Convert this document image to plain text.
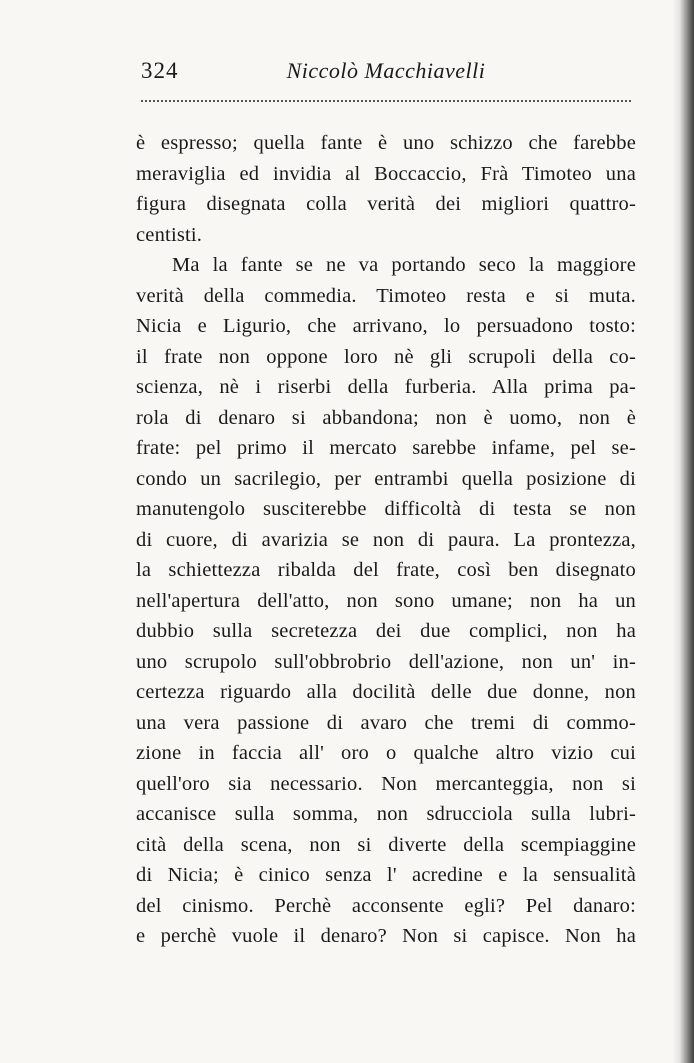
324	Niccolò Macchiavelli
è espresso; quella fante è uno schizzo che farebbe
meraviglia ed invidia al Boccaccio, Frà Timoteo una
figura disegnata colla verità dei migliori quattro-
centisti.
Ma la fante se ne va portando seco la maggiore
verità della commedia. Timoteo resta e si muta.
Nicia e Ligurio, che arrivano, lo persuadono tosto:
il frate non oppone loro nè gli scrupoli della co-
scienza, nè i riserbi della furberia. Alla prima pa-
rola di denaro si abbandona; non è uomo, non è
frate: pel primo il mercato sarebbe infame, pel se-
condo un sacrilegio, per entrambi quella posizione di
manutengolo susciterebbe difficoltà di testa se non
di cuore, di avarizia se non di paura. La prontezza,
la schiettezza ribalda del frate, così ben disegnato
nell'apertura dell'atto, non sono umane; non ha un
dubbio sulla secretezza dei due complici, non ha
uno scrupolo sull'obbrobrio dell'azione, non un' in-
certezza riguardo alla docilità delle due donne, non
una vera passione di avaro che tremi di commo-
zione in faccia all' oro o qualche altro vizio cui
quell'oro sia necessario. Non mercanteggia, non si
accanisce sulla somma, non sdrucciola sulla lubri-
cità della scena, non si diverte della scempiaggine
di Nicia; è cinico senza l' acredine e la sensualità
del cinismo. Perchè acconsente egli? Pel danaro:
e perchè vuole il denaro? Non si capisce. Non ha
